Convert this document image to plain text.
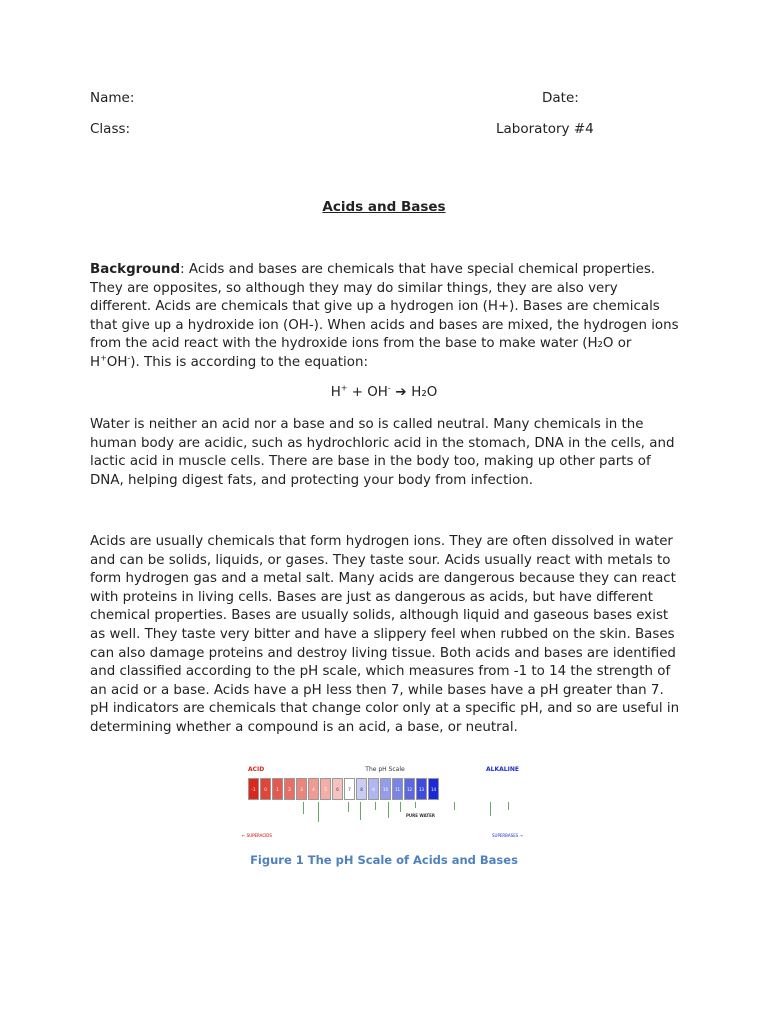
Name:	Date:
Class:	Laboratory #4
Acids and Bases

Background: Acids and bases are chemicals that have special chemical properties. They are opposites, so although they may do similar things, they are also very different. Acids are chemicals that give up a hydrogen ion (H+). Bases are chemicals that give up a hydroxide ion (OH-). When acids and bases are mixed, the hydrogen ions from the acid react with the hydroxide ions from the base to make water (H₂O or H+OH-). This is according to the equation:

H+ + OH- ➔ H₂O

Water is neither an acid nor a base and so is called neutral. Many chemicals in the human body are acidic, such as hydrochloric acid in the stomach, DNA in the cells, and lactic acid in muscle cells. There are base in the body too, making up other parts of DNA, helping digest fats, and protecting your body from infection.

Acids are usually chemicals that form hydrogen ions. They are often dissolved in water and can be solids, liquids, or gases. They taste sour. Acids usually react with metals to form hydrogen gas and a metal salt. Many acids are dangerous because they can react with proteins in living cells. Bases are just as dangerous as acids, but have different chemical properties. Bases are usually solids, although liquid and gaseous bases exist as well. They taste very bitter and have a slippery feel when rubbed on the skin. Bases can also damage proteins and destroy living tissue. Both acids and bases are identified and classified according to the pH scale, which measures from -1 to 14 the strength of an acid or a base. Acids have a pH less then 7, while bases have a pH greater than 7. pH indicators are chemicals that change color only at a specific pH, and so are useful in determining whether a compound is an acid, a base, or neutral.

The pH Scale
ACID	ALKALINE
-1	0	1	2	3	4	5	6	7	8	9	10	11	12	13	14
PURE WATER
← SUPERACIDS	SUPERBASES →
Figure 1 The pH Scale of Acids and Bases
